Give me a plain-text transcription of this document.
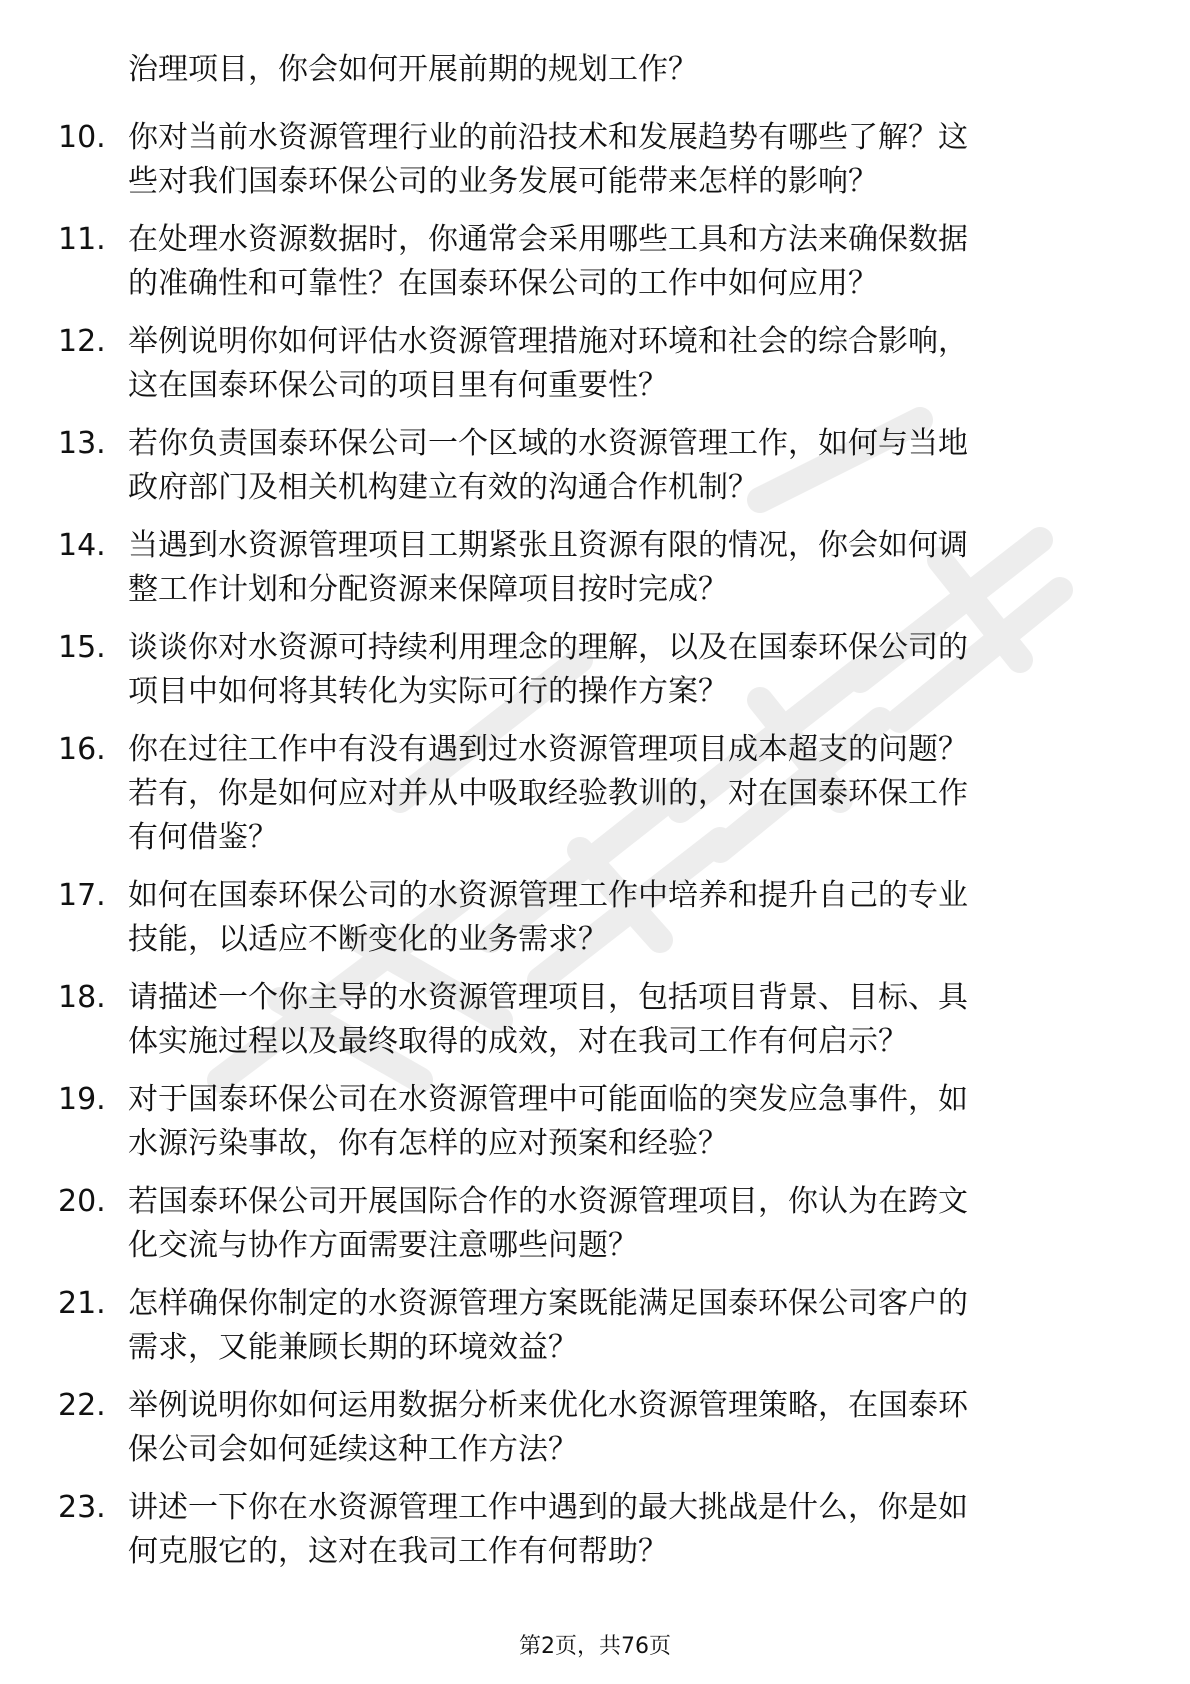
治理项目，你会如何开展前期的规划工作？
10. 你对当前水资源管理行业的前沿技术和发展趋势有哪些了解？这
些对我们国泰环保公司的业务发展可能带来怎样的影响？
11. 在处理水资源数据时，你通常会采用哪些工具和方法来确保数据
的准确性和可靠性？在国泰环保公司的工作中如何应用？
12. 举例说明你如何评估水资源管理措施对环境和社会的综合影响，
这在国泰环保公司的项目里有何重要性？
13. 若你负责国泰环保公司一个区域的水资源管理工作，如何与当地
政府部门及相关机构建立有效的沟通合作机制？
14. 当遇到水资源管理项目工期紧张且资源有限的情况，你会如何调
整工作计划和分配资源来保障项目按时完成？
15. 谈谈你对水资源可持续利用理念的理解，以及在国泰环保公司的
项目中如何将其转化为实际可行的操作方案？
16. 你在过往工作中有没有遇到过水资源管理项目成本超支的问题？
若有，你是如何应对并从中吸取经验教训的，对在国泰环保工作
有何借鉴？
17. 如何在国泰环保公司的水资源管理工作中培养和提升自己的专业
技能，以适应不断变化的业务需求？
18. 请描述一个你主导的水资源管理项目，包括项目背景、目标、具
体实施过程以及最终取得的成效，对在我司工作有何启示？
19. 对于国泰环保公司在水资源管理中可能面临的突发应急事件，如
水源污染事故，你有怎样的应对预案和经验？
20. 若国泰环保公司开展国际合作的水资源管理项目，你认为在跨文
化交流与协作方面需要注意哪些问题？
21. 怎样确保你制定的水资源管理方案既能满足国泰环保公司客户的
需求，又能兼顾长期的环境效益？
22. 举例说明你如何运用数据分析来优化水资源管理策略，在国泰环
保公司会如何延续这种工作方法？
23. 讲述一下你在水资源管理工作中遇到的最大挑战是什么，你是如
何克服它的，这对在我司工作有何帮助？
第2页，共76页
